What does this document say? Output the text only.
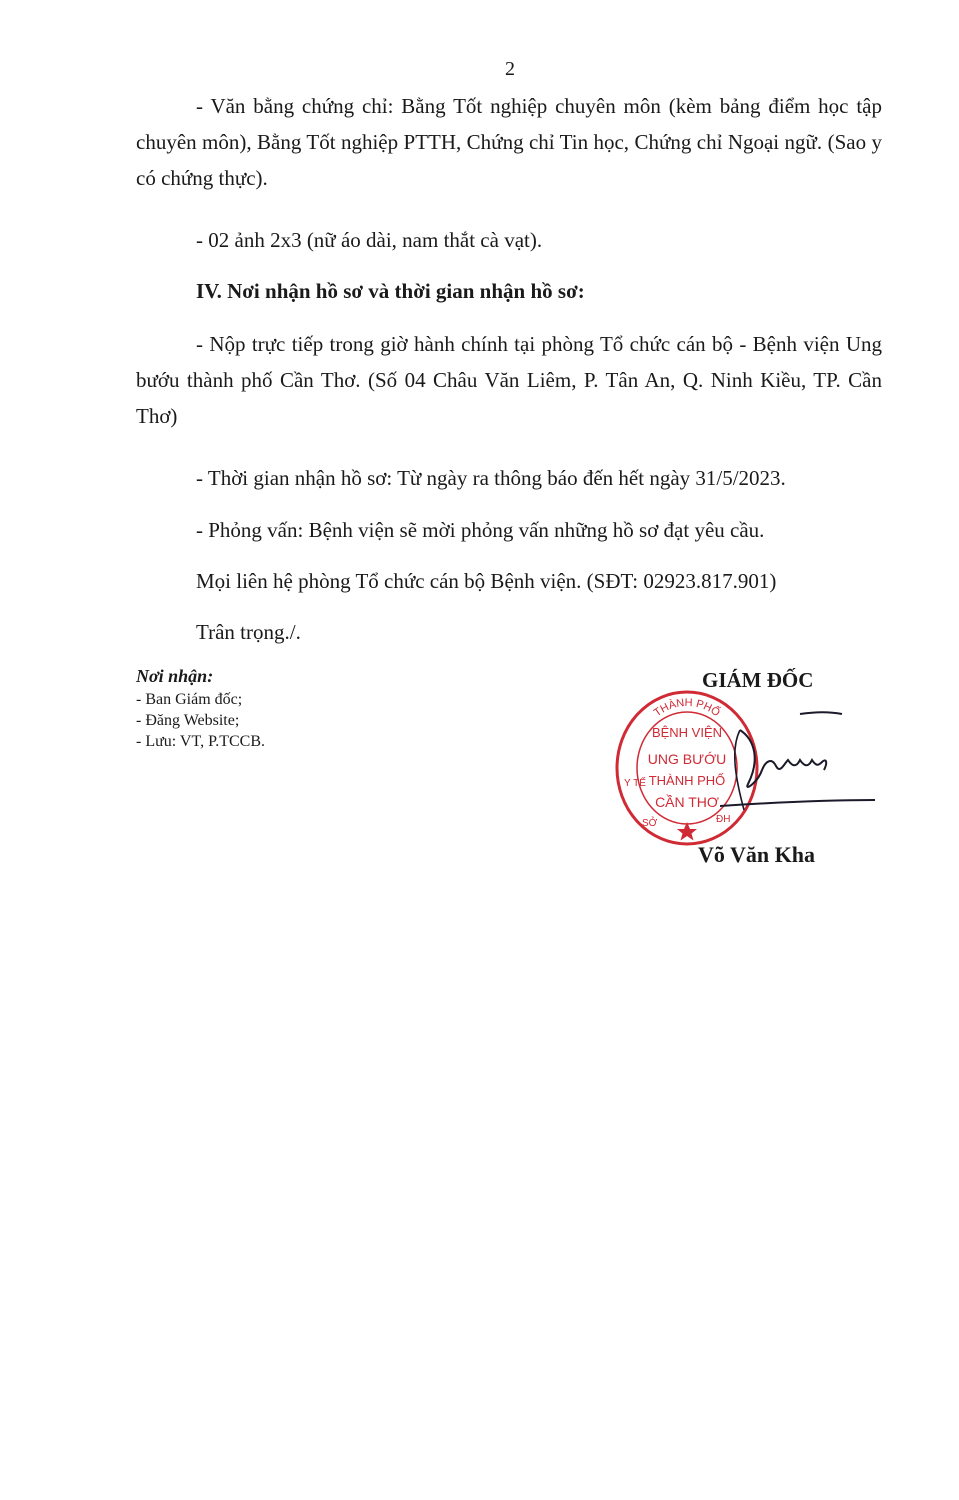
2
- Văn bằng chứng chỉ: Bằng Tốt nghiệp chuyên môn (kèm bảng điểm học tập chuyên môn), Bằng Tốt nghiệp PTTH, Chứng chỉ Tin học, Chứng chỉ Ngoại ngữ. (Sao y có chứng thực).
- 02 ảnh 2x3 (nữ áo dài, nam thắt cà vạt).
IV. Nơi nhận hồ sơ và thời gian nhận hồ sơ:
- Nộp trực tiếp trong giờ hành chính tại phòng Tổ chức cán bộ - Bệnh viện Ung bướu thành phố Cần Thơ. (Số 04 Châu Văn Liêm, P. Tân An, Q. Ninh Kiều, TP. Cần Thơ)
- Thời gian nhận hồ sơ: Từ ngày ra thông báo đến hết ngày 31/5/2023.
- Phỏng vấn: Bệnh viện sẽ mời phỏng vấn những hồ sơ đạt yêu cầu.
Mọi liên hệ phòng Tổ chức cán bộ Bệnh viện. (SĐT: 02923.817.901)
Trân trọng./.
Nơi nhận:
- Ban Giám đốc;
- Đăng Website;
- Lưu: VT, P.TCCB.
GIÁM ĐỐC
THÀNH PHỐ
Y TẾ
SỞ	ĐH
BỆNH VIỆN
UNG BƯỚU
THÀNH PHỐ
CẦN THƠ
Võ Văn Kha
